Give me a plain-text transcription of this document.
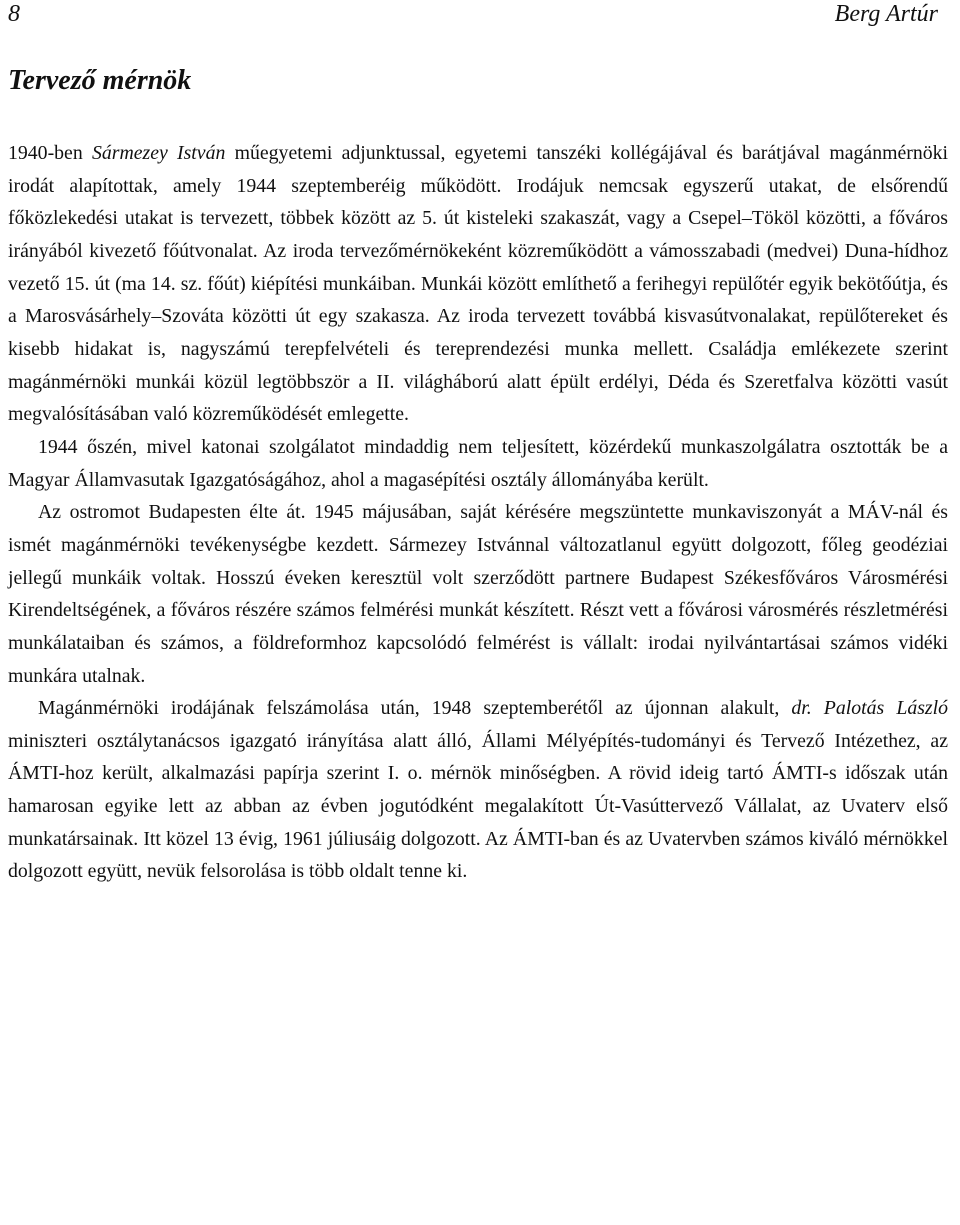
8	Berg Artúr
Tervező mérnök

1940-ben Sármezey István műegyetemi adjunktussal, egyetemi tanszéki kollégájával és barátjával magánmérnöki irodát alapítottak, amely 1944 szeptemberéig működött. Irodájuk nemcsak egyszerű utakat, de elsőrendű főközlekedési utakat is tervezett, többek között az 5. út kisteleki szakaszát, vagy a Csepel–Tököl közötti, a főváros irányából kivezető főútvonalat. Az iroda tervezőmérnökeként közreműködött a vámosszabadi (medvei) Duna-hídhoz vezető 15. út (ma 14. sz. főút) kiépítési munkáiban. Munkái között említhető a ferihegyi repülőtér egyik bekötőútja, és a Marosvásárhely–Szováta közötti út egy szakasza. Az iroda tervezett továbbá kisvasútvonalakat, repülőtereket és kisebb hidakat is, nagyszámú terepfelvételi és tereprendezési munka mellett. Családja emlékezete szerint magánmérnöki munkái közül legtöbbször a II. világháború alatt épült erdélyi, Déda és Szeretfalva közötti vasút megvalósításában való közreműködését emlegette.

1944 őszén, mivel katonai szolgálatot mindaddig nem teljesített, közérdekű munkaszolgálatra osztották be a Magyar Államvasutak Igazgatóságához, ahol a magasépítési osztály állományába került.

Az ostromot Budapesten élte át. 1945 májusában, saját kérésére megszüntette munkaviszonyát a MÁV-nál és ismét magánmérnöki tevékenységbe kezdett. Sármezey Istvánnal változatlanul együtt dolgozott, főleg geodéziai jellegű munkáik voltak. Hosszú éveken keresztül volt szerződött partnere Budapest Székesfőváros Városmérési Kirendeltségének, a főváros részére számos felmérési munkát készített. Részt vett a fővárosi városmérés részletmérési munkálataiban és számos, a földreformhoz kapcsolódó felmérést is vállalt: irodai nyilvántartásai számos vidéki munkára utalnak.

Magánmérnöki irodájának felszámolása után, 1948 szeptemberétől az újonnan alakult, dr. Palotás László miniszteri osztálytanácsos igazgató irányítása alatt álló, Állami Mélyépítés-tudományi és Tervező Intézethez, az ÁMTI-hoz került, alkalmazási papírja szerint I. o. mérnök minőségben. A rövid ideig tartó ÁMTI-s időszak után hamarosan egyike lett az abban az évben jogutódként megalakított Út-Vasúttervező Vállalat, az Uvaterv első munkatársainak. Itt közel 13 évig, 1961 júliusáig dolgozott. Az ÁMTI-ban és az Uvatervben számos kiváló mérnökkel dolgozott együtt, nevük felsorolása is több oldalt tenne ki.
